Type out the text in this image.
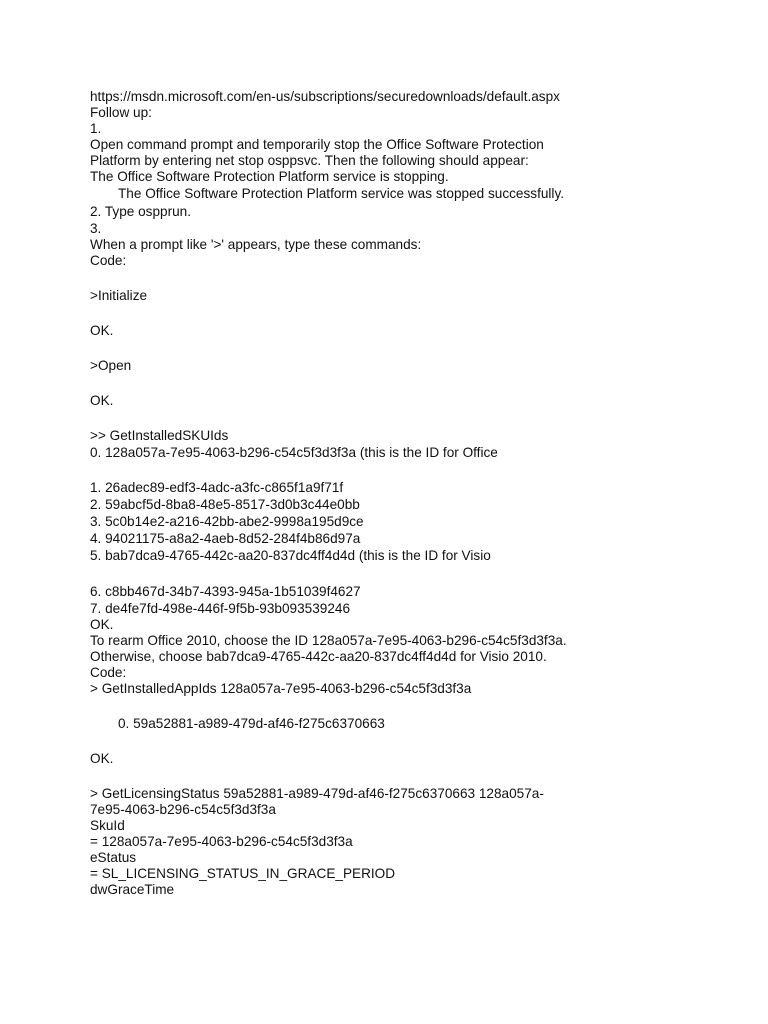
https://msdn.microsoft.com/en-us/subscriptions/securedownloads/default.aspx
Follow up:
1.
Open command prompt and temporarily stop the Office Software Protection
Platform by entering net stop osppsvc. Then the following should appear:
The Office Software Protection Platform service is stopping.
The Office Software Protection Platform service was stopped successfully.
2. Type ospprun.
3.
When a prompt like '>' appears, type these commands:
Code:
>Initialize
OK.
>Open
OK.
>> GetInstalledSKUIds
0. 128a057a-7e95-4063-b296-c54c5f3d3f3a (this is the ID for Office
1. 26adec89-edf3-4adc-a3fc-c865f1a9f71f
2. 59abcf5d-8ba8-48e5-8517-3d0b3c44e0bb
3. 5c0b14e2-a216-42bb-abe2-9998a195d9ce
4. 94021175-a8a2-4aeb-8d52-284f4b86d97a
5. bab7dca9-4765-442c-aa20-837dc4ff4d4d (this is the ID for Visio
6. c8bb467d-34b7-4393-945a-1b51039f4627
7. de4fe7fd-498e-446f-9f5b-93b093539246
OK.
To rearm Office 2010, choose the ID 128a057a-7e95-4063-b296-c54c5f3d3f3a.
Otherwise, choose bab7dca9-4765-442c-aa20-837dc4ff4d4d for Visio 2010.
Code:
> GetInstalledAppIds 128a057a-7e95-4063-b296-c54c5f3d3f3a
0. 59a52881-a989-479d-af46-f275c6370663
OK.
> GetLicensingStatus 59a52881-a989-479d-af46-f275c6370663 128a057a-
7e95-4063-b296-c54c5f3d3f3a
SkuId
= 128a057a-7e95-4063-b296-c54c5f3d3f3a
eStatus
= SL_LICENSING_STATUS_IN_GRACE_PERIOD
dwGraceTime
